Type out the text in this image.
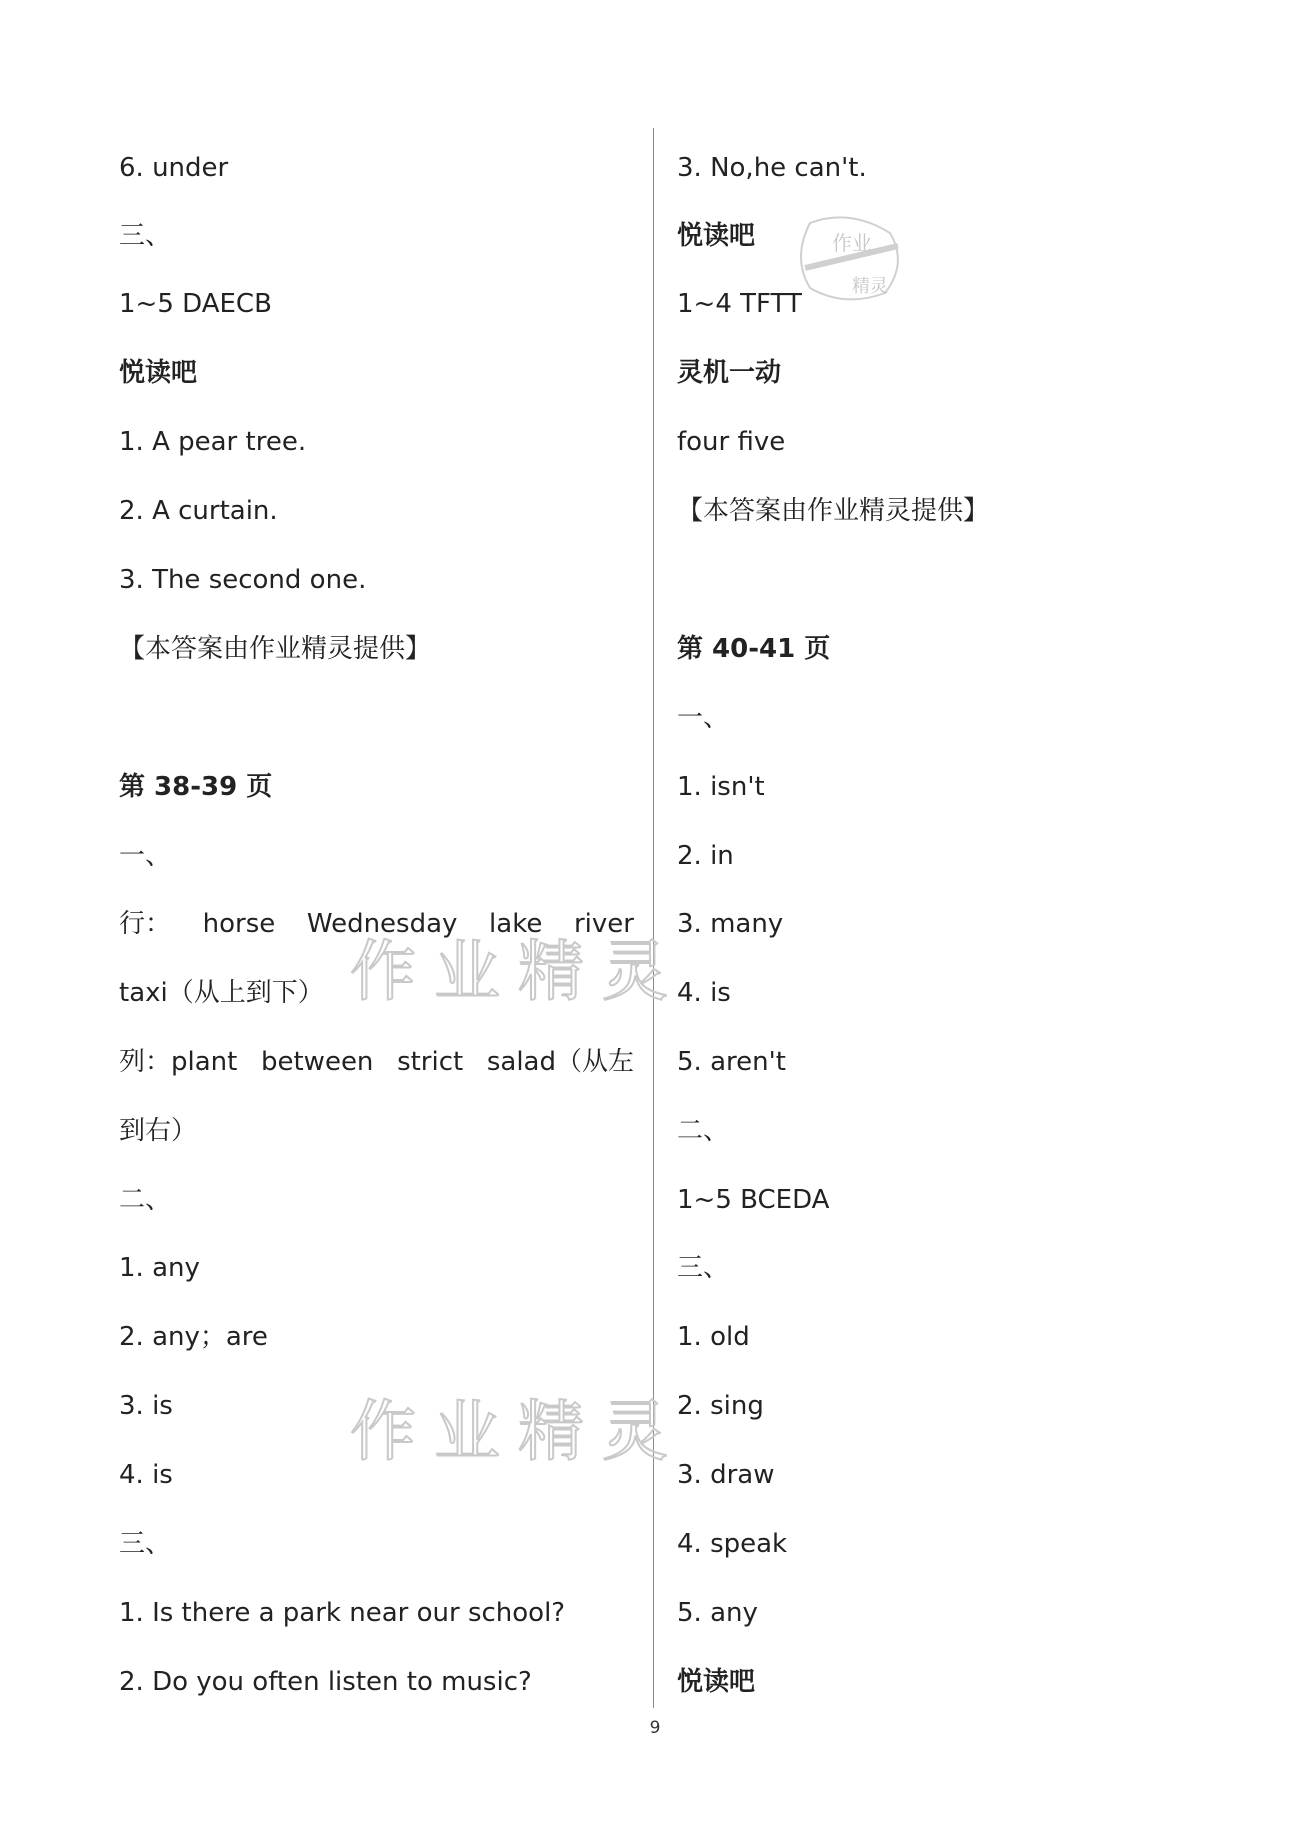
6. under
三、
1~5 DAECB
悦读吧
1. A pear tree.
2. A curtain.
3. The second one.
【本答案由作业精灵提供】
第 38-39 页
一、
行： horse Wednesday lake river
taxi（从上到下）
列：plant between strict salad（从左
到右）
二、
1. any
2. any；are
3. is
4. is
三、
1. Is there a park near our school?
2. Do you often listen to music?
3. No,he can't.
悦读吧
1~4 TFTT
灵机一动
four five
【本答案由作业精灵提供】
第 40-41 页
一、
1. isn't
2. in
3. many
4. is
5. aren't
二、
1~5 BCEDA
三、
1. old
2. sing
3. draw
4. speak
5. any
悦读吧
作业精灵
作业精灵
作业
精灵
9
